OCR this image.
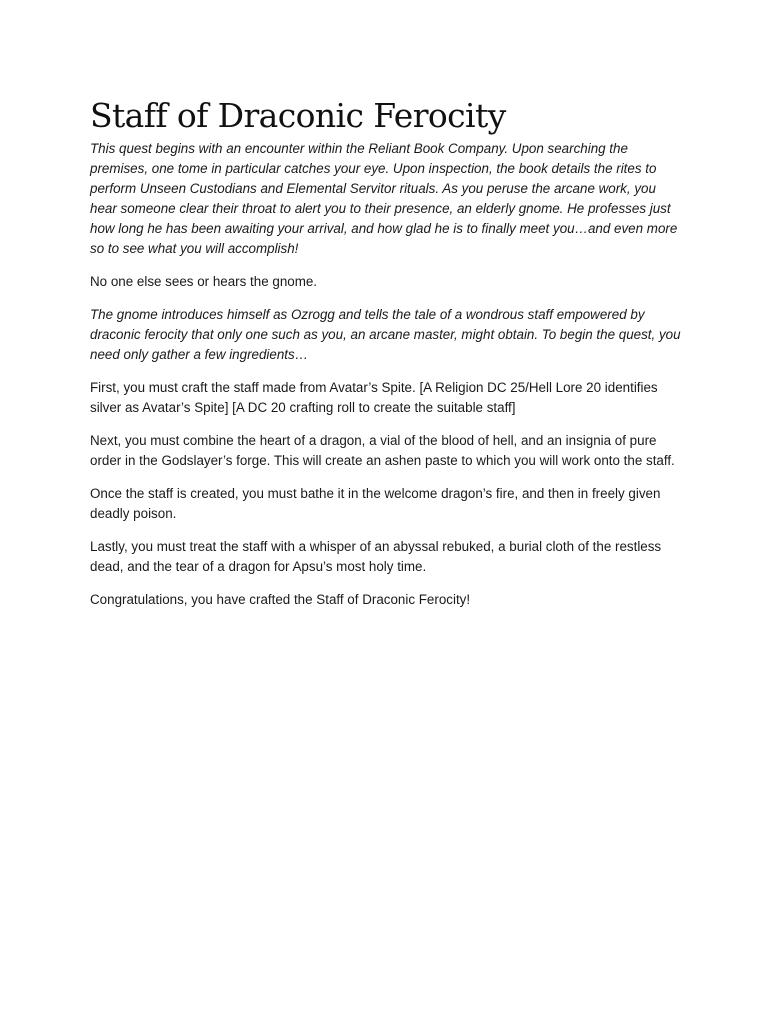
Staff of Draconic Ferocity

This quest begins with an encounter within the Reliant Book Company. Upon searching the premises, one tome in particular catches your eye. Upon inspection, the book details the rites to perform Unseen Custodians and Elemental Servitor rituals. As you peruse the arcane work, you hear someone clear their throat to alert you to their presence, an elderly gnome. He professes just how long he has been awaiting your arrival, and how glad he is to finally meet you…and even more so to see what you will accomplish!

No one else sees or hears the gnome.

The gnome introduces himself as Ozrogg and tells the tale of a wondrous staff empowered by draconic ferocity that only one such as you, an arcane master, might obtain. To begin the quest, you need only gather a few ingredients…

First, you must craft the staff made from Avatar’s Spite. [A Religion DC 25/Hell Lore 20 identifies silver as Avatar’s Spite] [A DC 20 crafting roll to create the suitable staff]

Next, you must combine the heart of a dragon, a vial of the blood of hell, and an insignia of pure order in the Godslayer’s forge. This will create an ashen paste to which you will work onto the staff.

Once the staff is created, you must bathe it in the welcome dragon’s fire, and then in freely given deadly poison.

Lastly, you must treat the staff with a whisper of an abyssal rebuked, a burial cloth of the restless dead, and the tear of a dragon for Apsu’s most holy time.

Congratulations, you have crafted the Staff of Draconic Ferocity!
